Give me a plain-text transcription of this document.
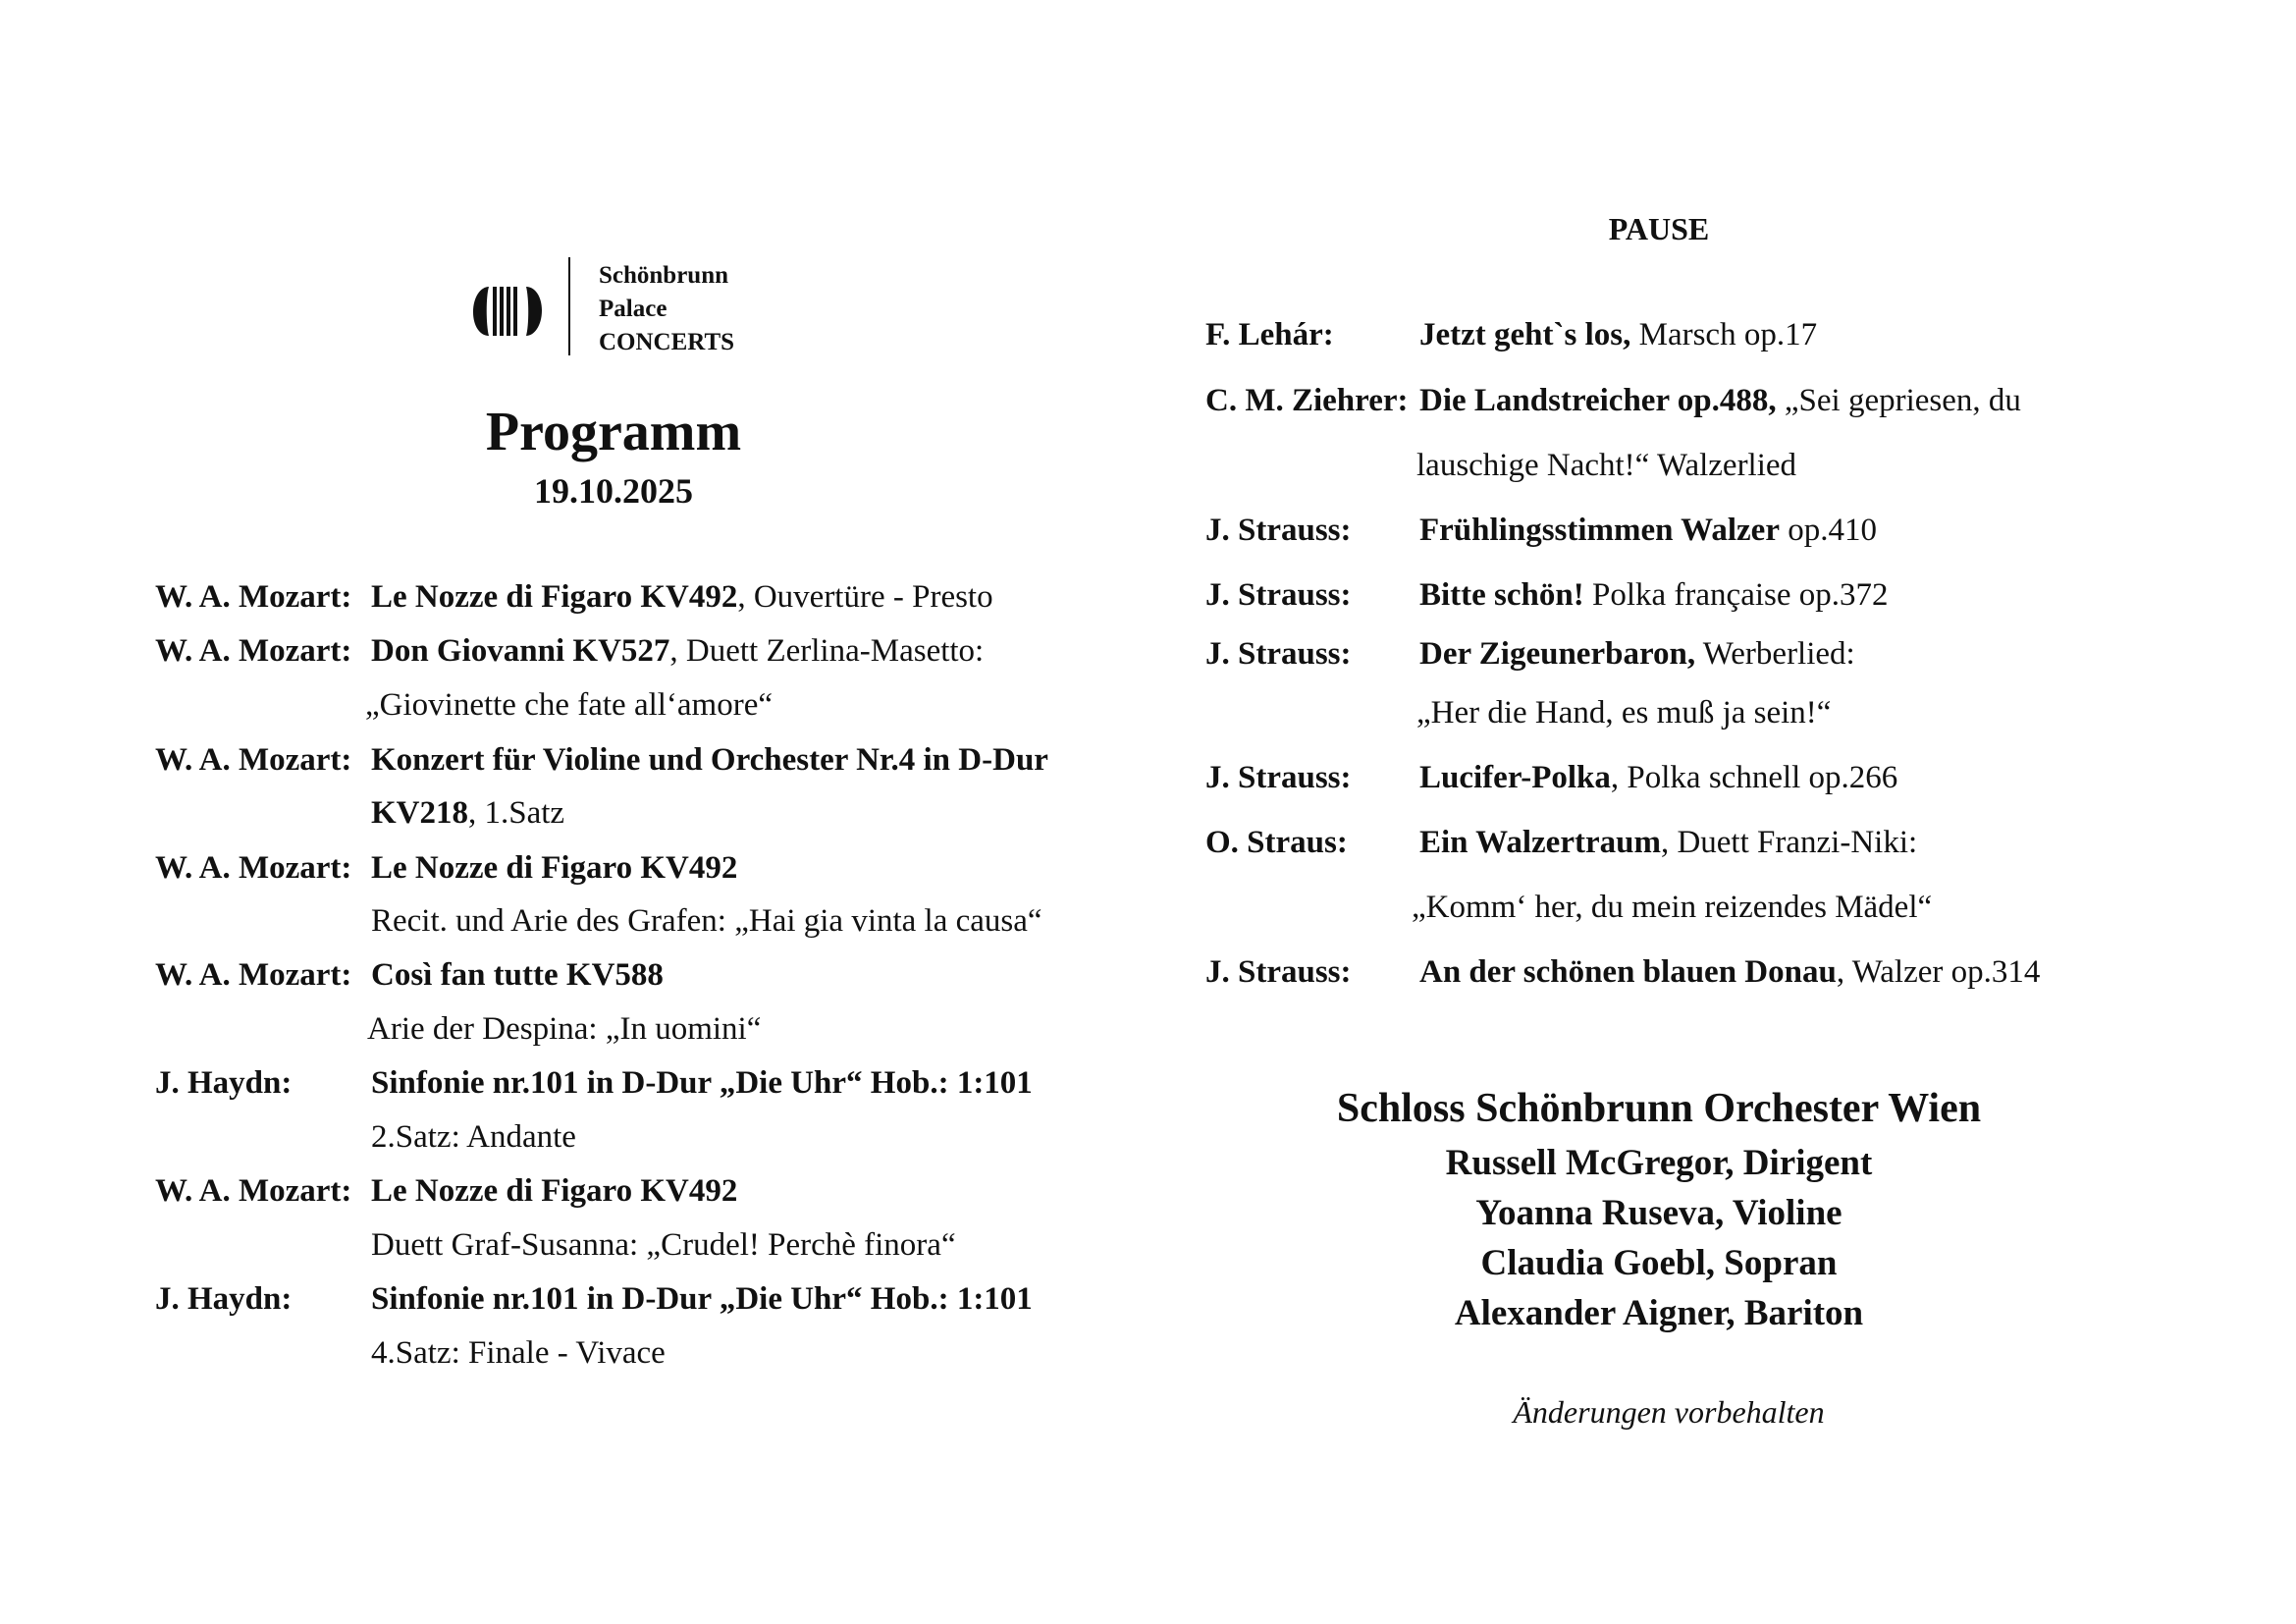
Schönbrunn
Palace
CONCERTS
Programm
19.10.2025
W. A. Mozart: Le Nozze di Figaro KV492, Ouvertüre - Presto
W. A. Mozart: Don Giovanni KV527, Duett Zerlina-Masetto:
„Giovinette che fate all‘amore“
W. A. Mozart: Konzert für Violine und Orchester Nr.4 in D-Dur
KV218, 1.Satz
W. A. Mozart: Le Nozze di Figaro KV492
Recit. und Arie des Grafen: „Hai gia vinta la causa“
W. A. Mozart: Così fan tutte KV588
Arie der Despina: „In uomini“
J. Haydn: Sinfonie nr.101 in D-Dur „Die Uhr“ Hob.: 1:101
2.Satz: Andante
W. A. Mozart: Le Nozze di Figaro KV492
Duett Graf-Susanna: „Crudel! Perchè finora“
J. Haydn: Sinfonie nr.101 in D-Dur „Die Uhr“ Hob.: 1:101
4.Satz: Finale - Vivace
PAUSE
F. Lehár:	Jetzt geht`s los, Marsch op.17
C. M. Ziehrer: Die Landstreicher op.488, „Sei gepriesen, du
lauschige Nacht!“ Walzerlied
J. Strauss: Frühlingsstimmen Walzer op.410
J. Strauss: Bitte schön! Polka française op.372
J. Strauss: Der Zigeunerbaron, Werberlied:
„Her die Hand, es muß ja sein!“
J. Strauss: Lucifer-Polka, Polka schnell op.266
O. Straus: Ein Walzertraum, Duett Franzi-Niki:
„Komm‘ her, du mein reizendes Mädel“
J. Strauss: An der schönen blauen Donau, Walzer op.314
Schloss Schönbrunn Orchester Wien
Russell McGregor, Dirigent
Yoanna Ruseva, Violine
Claudia Goebl, Sopran
Alexander Aigner, Bariton
Änderungen vorbehalten
